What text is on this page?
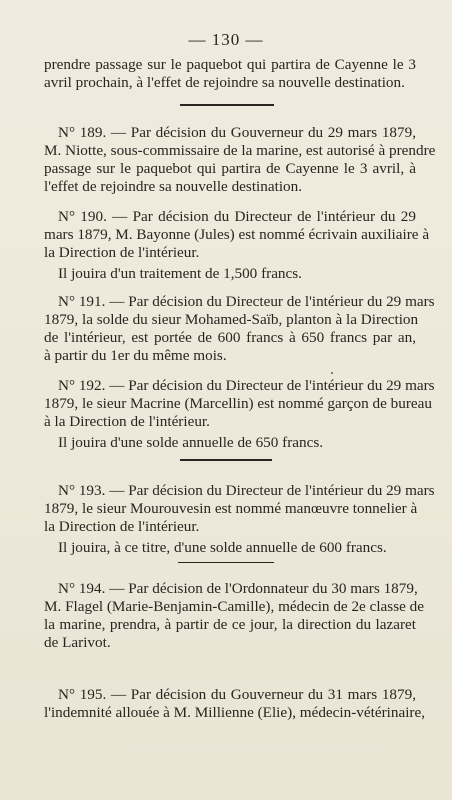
— 130 —
prendre passage sur le paquebot qui partira de Cayenne le 3
avril prochain, à l'effet de rejoindre sa nouvelle destination.
N° 189. — Par décision du Gouverneur du 29 mars 1879,
M. Niotte, sous-commissaire de la marine, est autorisé à prendre
passage sur le paquebot qui partira de Cayenne le 3 avril, à
l'effet de rejoindre sa nouvelle destination.
N° 190. — Par décision du Directeur de l'intérieur du 29
mars 1879, M. Bayonne (Jules) est nommé écrivain auxiliaire à
la Direction de l'intérieur.
Il jouira d'un traitement de 1,500 francs.
N° 191. — Par décision du Directeur de l'intérieur du 29 mars
1879, la solde du sieur Mohamed-Saïb, planton à la Direction
de l'intérieur, est portée de 600 francs à 650 francs par an,
à partir du 1er du même mois.
N° 192. — Par décision du Directeur de l'intérieur du 29 mars
1879, le sieur Macrine (Marcellin) est nommé garçon de bureau
à la Direction de l'intérieur.
Il jouira d'une solde annuelle de 650 francs.
N° 193. — Par décision du Directeur de l'intérieur du 29 mars
1879, le sieur Mourouvesin est nommé manœuvre tonnelier à
la Direction de l'intérieur.
Il jouira, à ce titre, d'une solde annuelle de 600 francs.
N° 194. — Par décision de l'Ordonnateur du 30 mars 1879,
M. Flagel (Marie-Benjamin-Camille), médecin de 2e classe de
la marine, prendra, à partir de ce jour, la direction du lazaret
de Larivot.
N° 195. — Par décision du Gouverneur du 31 mars 1879,
l'indemnité allouée à M. Millienne (Elie), médecin-vétérinaire,
